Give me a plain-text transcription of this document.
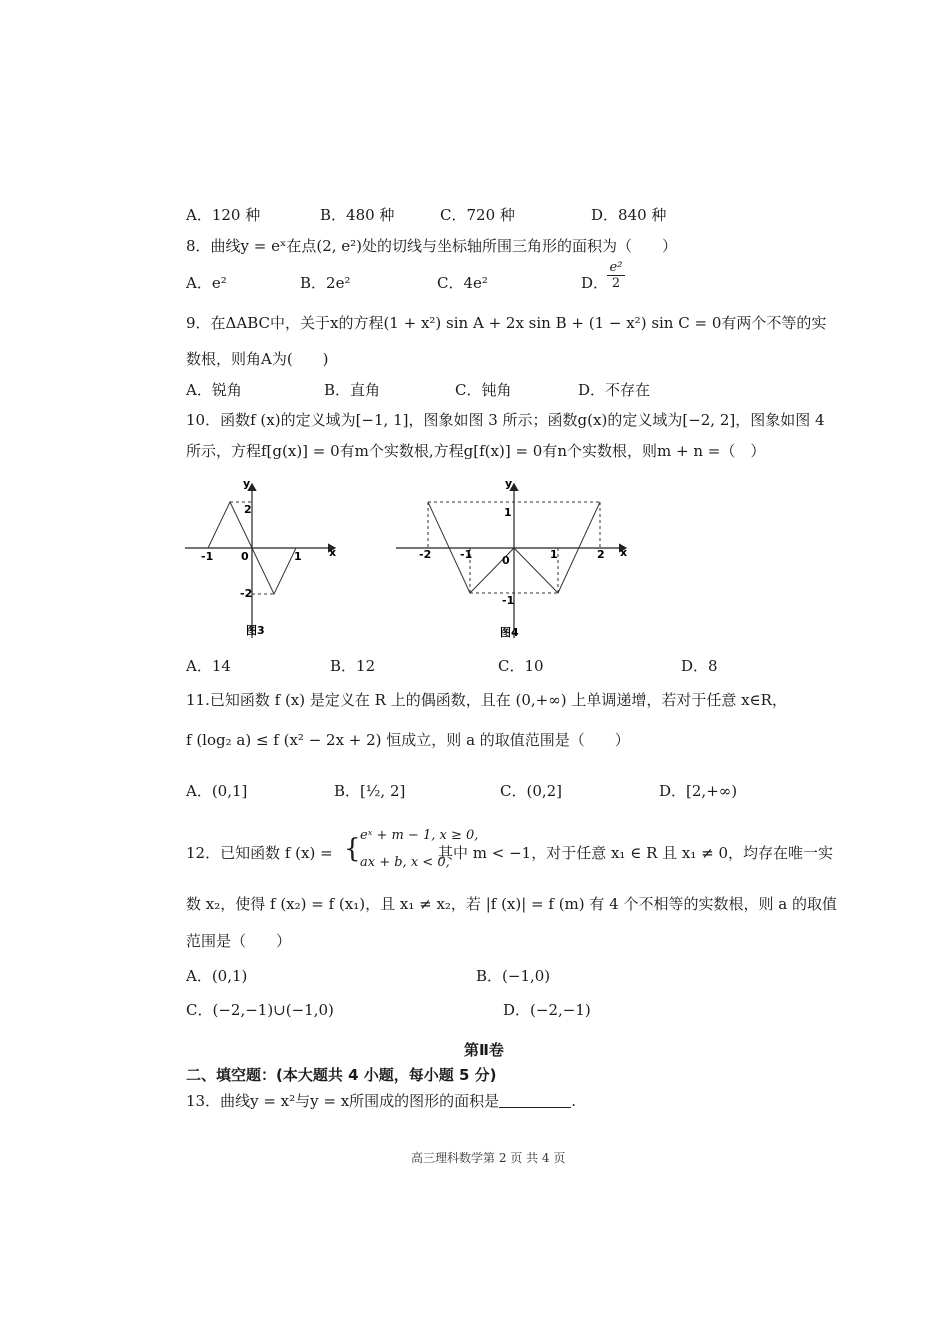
A．120 种	B．480 种	C．720 种	D．840 种
8．曲线y = eˣ在点(2, e²)处的切线与坐标轴所围三角形的面积为（　　）
A．e²	B．2e²	C．4e²	D．
$\frac{\text{e²}}{2}$
9．在ΔABC中，关于x的方程(1 + x²) sin A + 2x sin B + (1 − x²) sin C = 0有两个不等的实
数根，则角A为(　　)
A．锐角	B．直角	C．钝角	D．不存在
10．函数f (x)的定义域为[−1, 1]，图象如图 3 所示；函数g(x)的定义域为[−2, 2]，图象如图 4
所示，方程f[g(x)] = 0有m个实数根,方程g[f(x)] = 0有n个实数根，则m + n =（　）
y
x
0
-1	1
2
-2
图3
y
x
0
-2	-1	1	2
1
-1
图4
A．14	B．12	C．10	D．8
11.已知函数 f (x) 是定义在 R 上的偶函数，且在 (0,+∞) 上单调递增，若对于任意 x∈R，
f (log₂ a) ≤ f (x² − 2x + 2) 恒成立，则 a 的取值范围是（　　）
A．(0,1]	B．[½, 2]	C．(0,2]	D．[2,+∞)
12．已知函数 f (x) = { eˣ + m − 1, x ≥ 0,
ax + b, x < 0,
其中 m < −1，对于任意 x₁ ∈ R 且 x₁ ≠ 0，均存在唯一实
数 x₂，使得 f (x₂) = f (x₁)，且 x₁ ≠ x₂，若 |f (x)| = f (m) 有 4 个不相等的实数根，则 a 的取值
范围是（　　）
A．(0,1)	B．(−1,0)
C．(−2,−1)∪(−1,0)	D．(−2,−1)
第Ⅱ卷
二、填空题：(本大题共 4 小题，每小题 5 分)
13．曲线y = x²与y = x所围成的图形的面积是	.
高三理科数学第 2 页 共 4 页
